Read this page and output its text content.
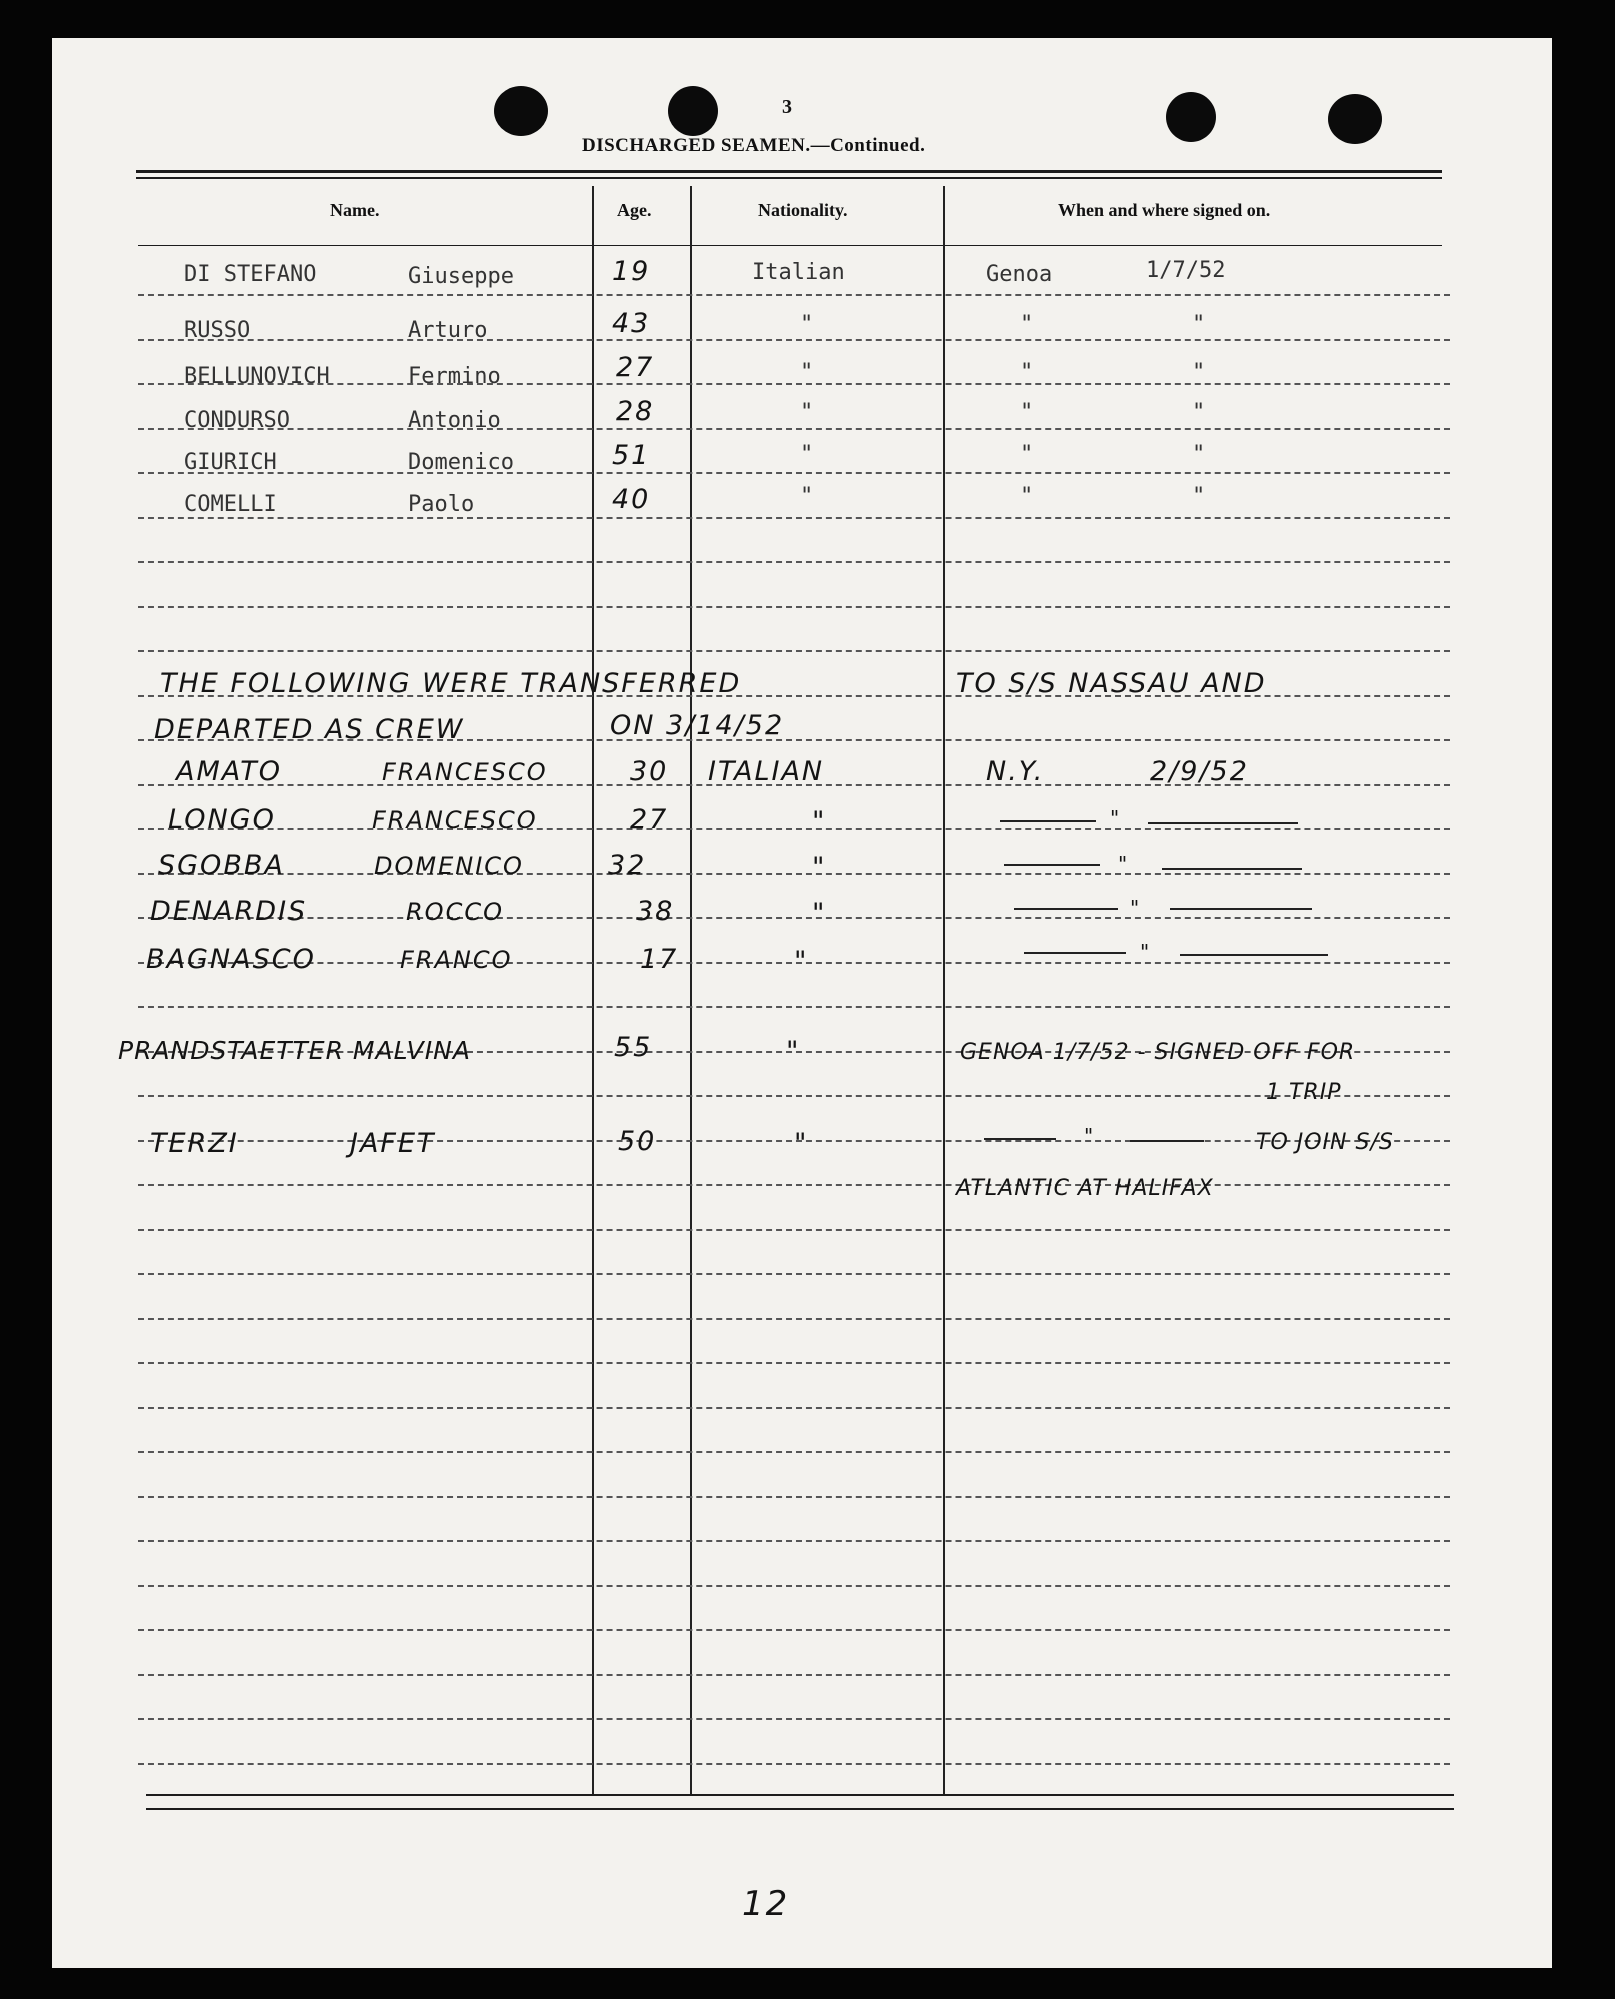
3
DISCHARGED SEAMEN.—Continued.
Name.	Age.	Nationality.	When and where signed on.
DI STEFANO	Giuseppe	19	Italian	Genoa	1/7/52
RUSSO	Arturo	43	"	"	"
BELLUNOVICH	Fermino	27	"	"	"
CONDURSO	Antonio	28	"	"	"
GIURICH	Domenico	51	"	"	"
COMELLI	Paolo	40	"	"	"
THE FOLLOWING WERE TRANSFERRED	TO S/S NASSAU AND
DEPARTED AS CREW	ON 3/14/52
AMATO	FRANCESCO	30 ITALIAN	N.Y.	2/9/52
LONGO	FRANCESCO	27	"	"
SGOBBA	DOMENICO	32	"	"
DENARDIS	ROCCO	38	"	"
BAGNASCO	FRANCO	17	"	"
PRANDSTAETTER MALVINA	55	"	GENOA 1/7/52 - SIGNED OFF FOR
1 TRIP
TERZI	JAFET	50	"	"	TO JOIN S/S
ATLANTIC AT HALIFAX
12
